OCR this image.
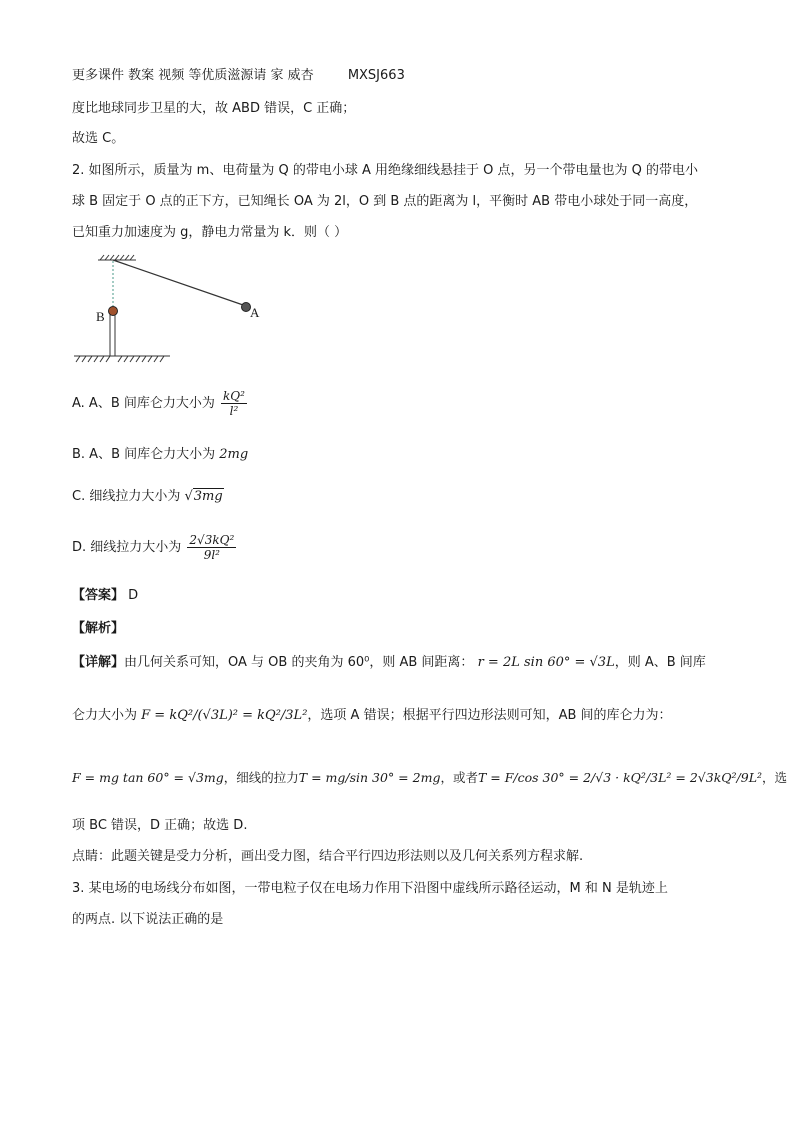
更多课件 教案 视频 等优质滋源请 家 威杏	MXSJ663
度比地球同步卫星的大，故 ABD 错误，C 正确；
故选 C。
2. 如图所示，质量为 m、电荷量为 Q 的带电小球 A 用绝缘细线悬挂于 O 点，另一个带电量也为 Q 的带电小
球 B 固定于 O 点的正下方，已知绳长 OA 为 2l，O 到 B 点的距离为 l，平衡时 AB 带电小球处于同一高度，
已知重力加速度为 g，静电力常量为 k．则（ ）
A
B
A. A、B 间库仑力大小为 $\frac{\text{kQ²}}{\text{l²}}$
B. A、B 间库仑力大小为 2mg
C. 细线拉力大小为 √3mg
D. 细线拉力大小为 $\frac{\text{2√3kQ²}}{\text{9l²}}$
【答案】 D
【解析】
【详解】由几何关系可知，OA 与 OB 的夹角为 60⁰，则 AB 间距离： r = 2L sin 60° = √3L，则 A、B 间库
仑力大小为 F = kQ²/(√3L)² = kQ²/3L²，选项 A 错误；根据平行四边形法则可知，AB 间的库仑力为：
F = mg tan 60° = √3mg，细线的拉力T = mg/sin 30° = 2mg，或者T = F/cos 30° = 2/√3 · kQ²/3L² = 2√3kQ²/9L²，选
项 BC 错误，D 正确；故选 D.
点睛：此题关键是受力分析，画出受力图，结合平行四边形法则以及几何关系列方程求解.
3. 某电场的电场线分布如图，一带电粒子仅在电场力作用下沿图中虚线所示路径运动，M 和 N 是轨迹上
的两点. 以下说法正确的是
